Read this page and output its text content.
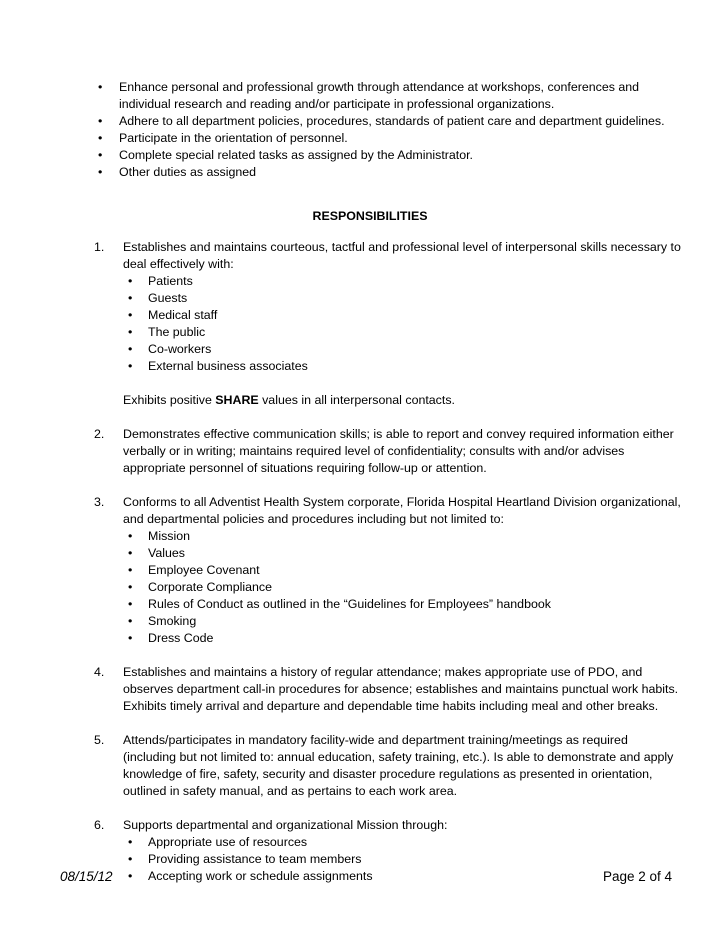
• Enhance personal and professional growth through attendance at workshops, conferences and individual research and reading and/or participate in professional organizations.
• Adhere to all department policies, procedures, standards of patient care and department guidelines.
• Participate in the orientation of personnel.
• Complete special related tasks as assigned by the Administrator.
• Other duties as assigned
RESPONSIBILITIES
1. Establishes and maintains courteous, tactful and professional level of interpersonal skills necessary to deal effectively with:
• Patients
• Guests
• Medical staff
• The public
• Co-workers
• External business associates
Exhibits positive SHARE values in all interpersonal contacts.
2. Demonstrates effective communication skills; is able to report and convey required information either verbally or in writing; maintains required level of confidentiality; consults with and/or advises appropriate personnel of situations requiring follow-up or attention.
3. Conforms to all Adventist Health System corporate, Florida Hospital Heartland Division organizational, and departmental policies and procedures including but not limited to:
• Mission
• Values
• Employee Covenant
• Corporate Compliance
• Rules of Conduct as outlined in the “Guidelines for Employees” handbook
• Smoking
• Dress Code
4. Establishes and maintains a history of regular attendance; makes appropriate use of PDO, and observes department call-in procedures for absence; establishes and maintains punctual work habits. Exhibits timely arrival and departure and dependable time habits including meal and other breaks.
5. Attends/participates in mandatory facility-wide and department training/meetings as required (including but not limited to: annual education, safety training, etc.). Is able to demonstrate and apply knowledge of fire, safety, security and disaster procedure regulations as presented in orientation, outlined in safety manual, and as pertains to each work area.
6. Supports departmental and organizational Mission through:
• Appropriate use of resources
• Providing assistance to team members
• Accepting work or schedule assignments
08/15/12	Page 2 of 4
